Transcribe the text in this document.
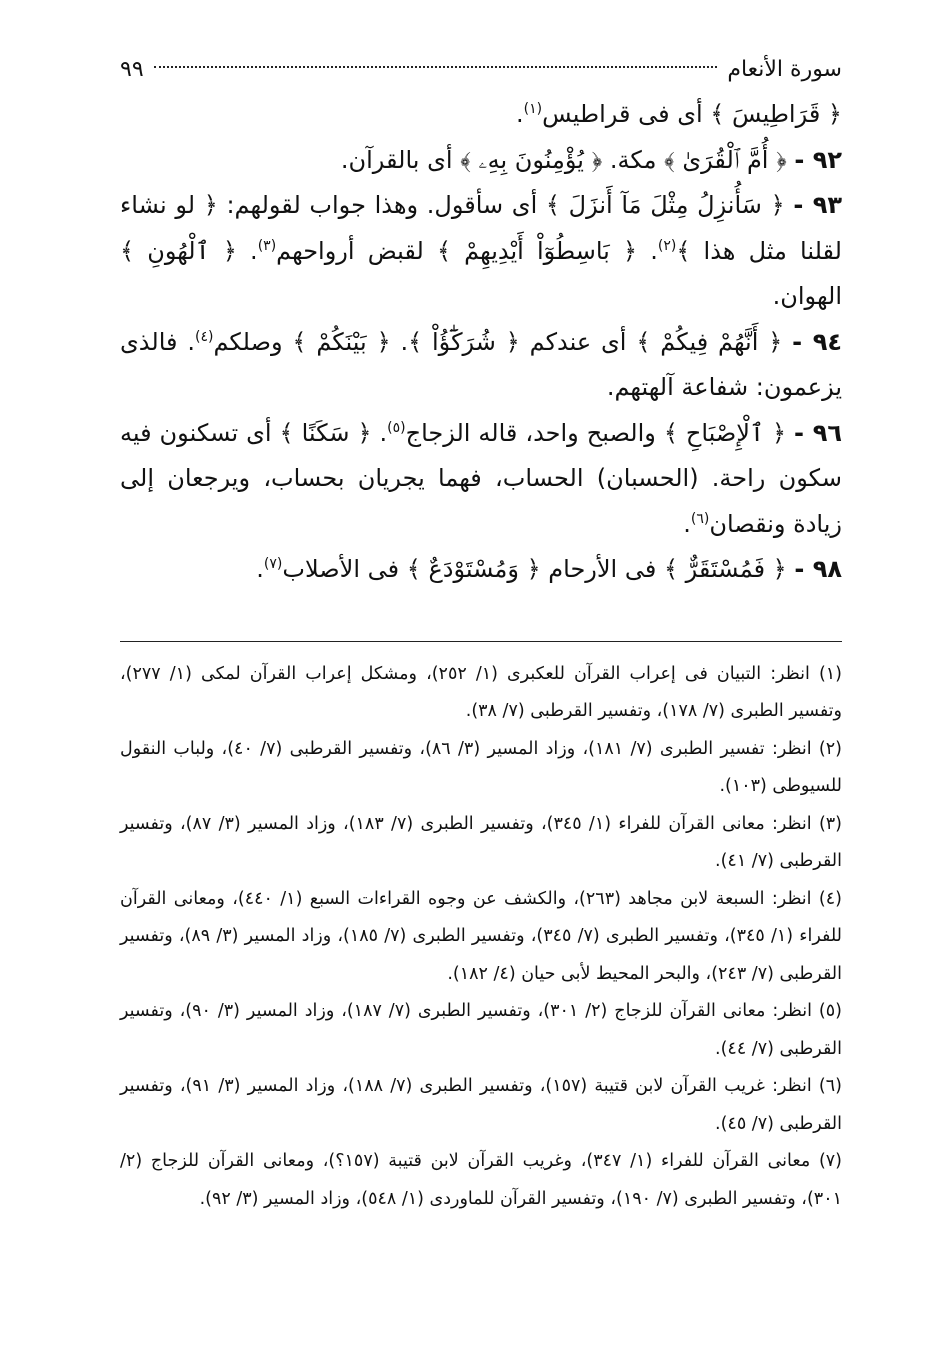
سورة الأنعام
٩٩

﴿ قَرَاطِيسَ ﴾ أى فى قراطيس$^{(١)}$.

٩٢ - ﴿ أُمَّ ٱلْقُرَىٰ ﴾ مكة. ﴿ يُؤْمِنُونَ بِهِۦ ﴾ أى بالقرآن.

٩٣ - ﴿ سَأُنزِلُ مِثْلَ مَآ أَنزَلَ ﴾ أى سأقول. وهذا جواب لقولهم: ﴿ لو نشاء لقلنا مثل هذا ﴾$^{(٢)}$. ﴿ بَاسِطُوٓاْ أَيْدِيهِمْ ﴾ لقبض أرواحهم$^{(٣)}$. ﴿ ٱلْهُونِ ﴾ الهوان.

٩٤ - ﴿ أَنَّهُمْ فِيكُمْ ﴾ أى عندكم ﴿ شُرَكَٰٓؤُاْ ﴾. ﴿ بَيْنَكُمْ ﴾ وصلكم$^{(٤)}$. فالذى يزعمون: شفاعة آلهتهم.

٩٦ - ﴿ ٱلْإِصْبَاحِ ﴾ والصبح واحد، قاله الزجاج$^{(٥)}$. ﴿ سَكَنًا ﴾ أى تسكنون فيه سكون راحة. (الحسبان) الحساب، فهما يجريان بحساب، ويرجعان إلى زيادة ونقصان$^{(٦)}$.

٩٨ - ﴿ فَمُسْتَقَرٌّ ﴾ فى الأرحام ﴿ وَمُسْتَوْدَعٌ ﴾ فى الأصلاب$^{(٧)}$.

(١) انظر: التبيان فى إعراب القرآن للعكبرى (١/ ٢٥٢)، ومشكل إعراب القرآن لمكى (١/ ٢٧٧)، وتفسير الطبرى (٧/ ١٧٨)، وتفسير القرطبى (٧/ ٣٨).

(٢) انظر: تفسير الطبرى (٧/ ١٨١)، وزاد المسير (٣/ ٨٦)، وتفسير القرطبى (٧/ ٤٠)، ولباب النقول للسيوطى (١٠٣).

(٣) انظر: معانى القرآن للفراء (١/ ٣٤٥)، وتفسير الطبرى (٧/ ١٨٣)، وزاد المسير (٣/ ٨٧)، وتفسير القرطبى (٧/ ٤١).

(٤) انظر: السبعة لابن مجاهد (٢٦٣)، والكشف عن وجوه القراءات السبع (١/ ٤٤٠)، ومعانى القرآن للفراء (١/ ٣٤٥)، وتفسير الطبرى (٧/ ٣٤٥)، وتفسير الطبرى (٧/ ١٨٥)، وزاد المسير (٣/ ٨٩)، وتفسير القرطبى (٧/ ٢٤٣)، والبحر المحيط لأبى حيان (٤/ ١٨٢).

(٥) انظر: معانى القرآن للزجاج (٢/ ٣٠١)، وتفسير الطبرى (٧/ ١٨٧)، وزاد المسير (٣/ ٩٠)، وتفسير القرطبى (٧/ ٤٤).

(٦) انظر: غريب القرآن لابن قتيبة (١٥٧)، وتفسير الطبرى (٧/ ١٨٨)، وزاد المسير (٣/ ٩١)، وتفسير القرطبى (٧/ ٤٥).

(٧) معانى القرآن للفراء (١/ ٣٤٧)، وغريب القرآن لابن قتيبة (١٥٧؟)، ومعانى القرآن للزجاج (٢/ ٣٠١)، وتفسير الطبرى (٧/ ١٩٠)، وتفسير القرآن للماوردى (١/ ٥٤٨)، وزاد المسير (٣/ ٩٢).
